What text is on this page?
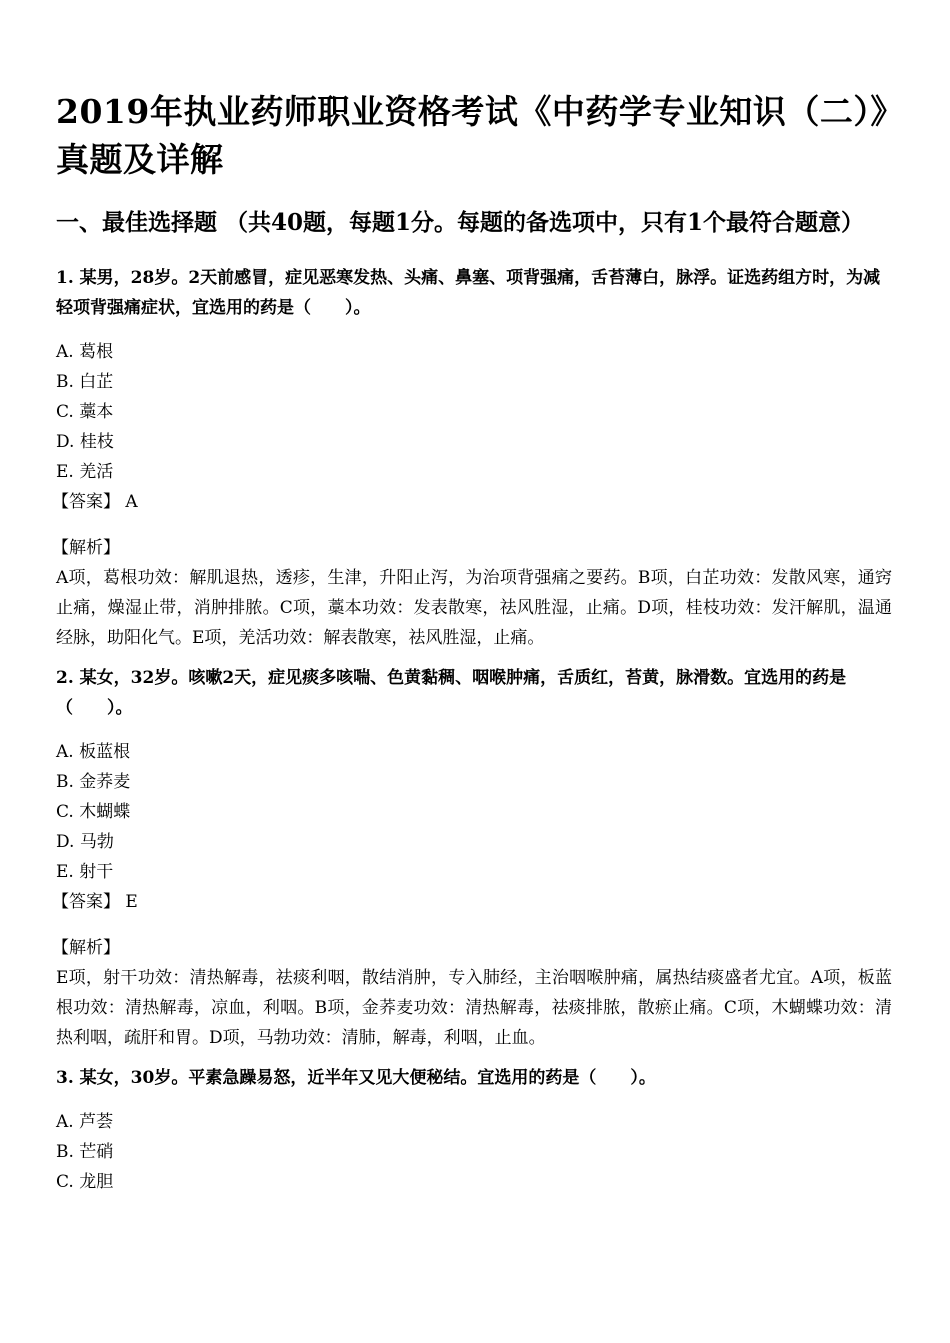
2019年执业药师职业资格考试《中药学专业知识（二）》真题及详解
一、最佳选择题 （共40题，每题1分。每题的备选项中，只有1个最符合题意）

1. 某男，28岁。2天前感冒，症见恶寒发热、头痛、鼻塞、项背强痛，舌苔薄白，脉浮。证选药组方时，为减轻项背强痛症状，宜选用的药是（　　）。

A. 葛根
B. 白芷
C. 藁本
D. 桂枝
E. 羌活
【答案】 A
【解析】

A项，葛根功效：解肌退热，透疹，生津，升阳止泻，为治项背强痛之要药。B项，白芷功效：发散风寒，通窍止痛，燥湿止带，消肿排脓。C项，藁本功效：发表散寒，祛风胜湿，止痛。D项，桂枝功效：发汗解肌，温通经脉，助阳化气。E项，羌活功效：解表散寒，祛风胜湿，止痛。

2. 某女，32岁。咳嗽2天，症见痰多咳喘、色黄黏稠、咽喉肿痛，舌质红，苔黄，脉滑数。宜选用的药是（　　）。

A. 板蓝根
B. 金荞麦
C. 木蝴蝶
D. 马勃
E. 射干
【答案】 E
【解析】

E项，射干功效：清热解毒，祛痰利咽，散结消肿，专入肺经，主治咽喉肿痛，属热结痰盛者尤宜。A项，板蓝根功效：清热解毒，凉血，利咽。B项，金荞麦功效：清热解毒，祛痰排脓，散瘀止痛。C项，木蝴蝶功效：清热利咽，疏肝和胃。D项，马勃功效：清肺，解毒，利咽，止血。

3. 某女，30岁。平素急躁易怒，近半年又见大便秘结。宜选用的药是（　　）。

A. 芦荟
B. 芒硝
C. 龙胆
